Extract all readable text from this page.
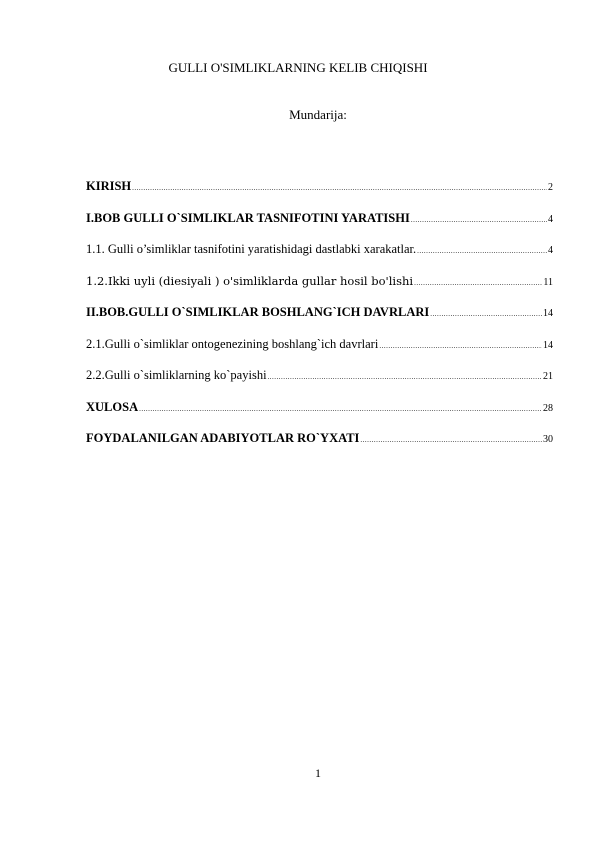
GULLI O'SIMLIKLARNING KELIB CHIQISHI
Mundarija:
KIRISH .....	2
I.BOB GULLI O`SIMLIKLAR TASNIFOTINI YARATISHI .....	4
1.1. Gulli o’simliklar tasnifotini yaratishidagi dastlabki xarakatlar. .....	4
1.2.Ikki uyli (diesiyali ) o'simliklarda gullar hosil bo'lishi .....	11
II.BOB.GULLI O`SIMLIKLAR BOSHLANG`ICH DAVRLARI .....	14
2.1.Gulli o`simliklar ontogenezining boshlang`ich davrlari .....	14
2.2.Gulli o`simliklarning ko`payishi .....	21
XULOSA .....	28
FOYDALANILGAN ADABIYOTLAR RO`YXATI .....	30
1
